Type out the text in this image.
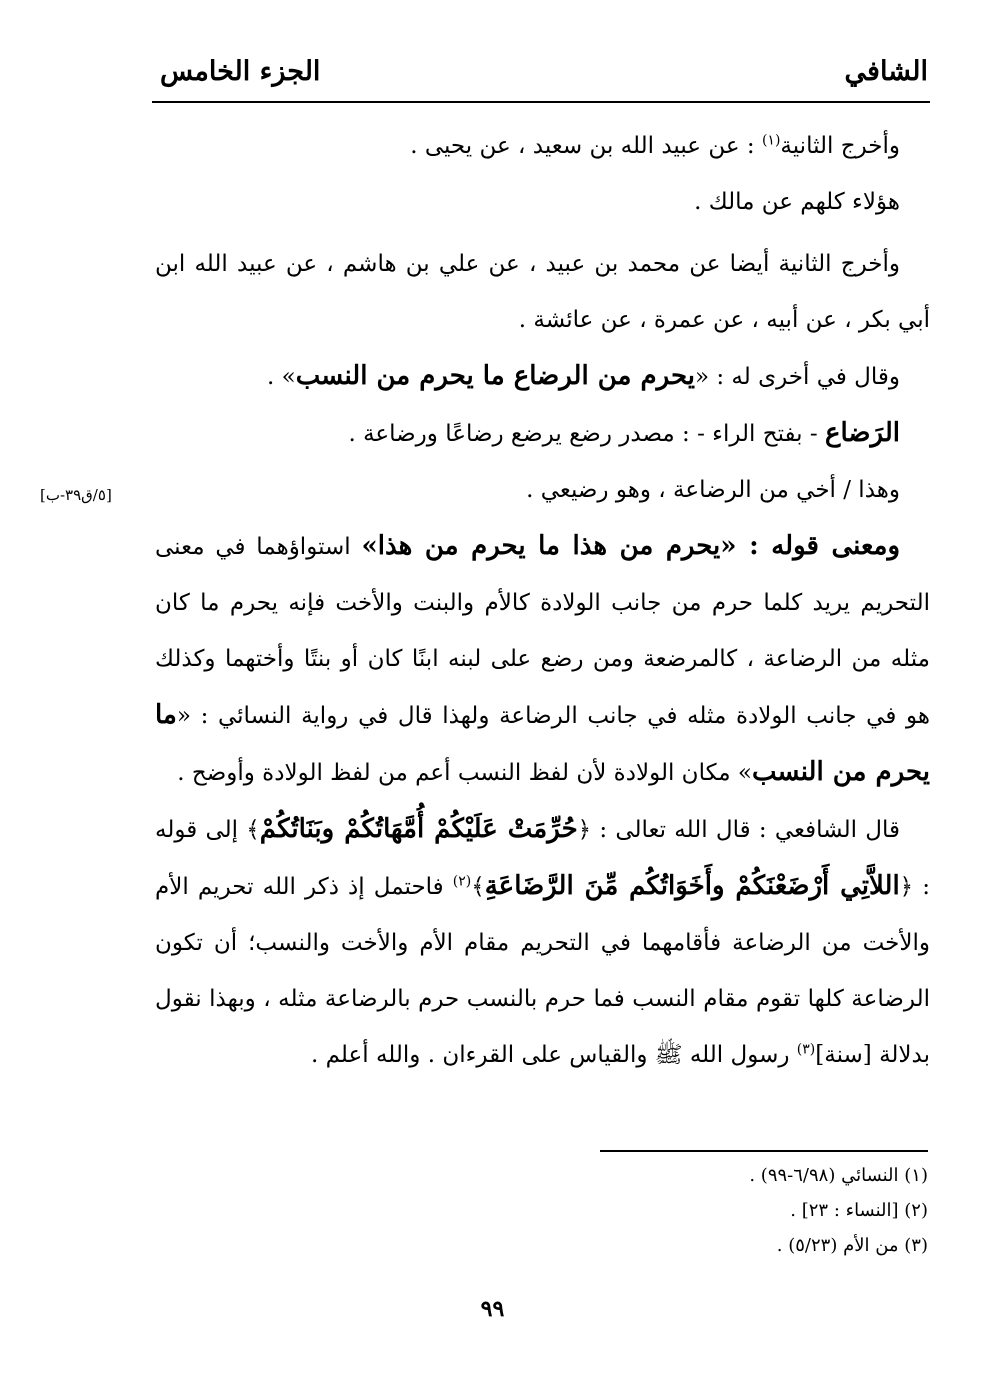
الشافي
الجزء الخامس
[٥/ق٣٩-ب]

وأخرج الثانية$^{(١)}$ : عن عبيد الله بن سعيد ، عن يحيى .

هؤلاء كلهم عن مالك .

وأخرج الثانية أيضا عن محمد بن عبيد ، عن علي بن هاشم ، عن عبيد الله ابن أبي بكر ، عن أبيه ، عن عمرة ، عن عائشة .

وقال في أخرى له : «يحرم من الرضاع ما يحرم من النسب» .

الرَضاع - بفتح الراء - : مصدر رضع يرضع رضاعًا ورضاعة .

وهذا / أخي من الرضاعة ، وهو رضيعي .

ومعنى قوله : «يحرم من هذا ما يحرم من هذا» استواؤهما في معنى التحريم يريد كلما حرم من جانب الولادة كالأم والبنت والأخت فإنه يحرم ما كان مثله من الرضاعة ، كالمرضعة ومن رضع على لبنه ابنًا كان أو بنتًا وأختهما وكذلك هو في جانب الولادة مثله في جانب الرضاعة ولهذا قال في رواية النسائي : «ما يحرم من النسب» مكان الولادة لأن لفظ النسب أعم من لفظ الولادة وأوضح .

قال الشافعي : قال الله تعالى : ﴿حُرِّمَتْ عَلَيْكُمْ أُمَّهَاتُكُمْ وبَنَاتُكُمْ﴾ إلى قوله : ﴿اللاَّتِي أَرْضَعْنَكُمْ وأَخَوَاتُكُم مِّنَ الرَّضَاعَةِ﴾$^{(٢)}$ فاحتمل إذ ذكر الله تحريم الأم والأخت من الرضاعة فأقامهما في التحريم مقام الأم والأخت والنسب؛ أن تكون الرضاعة كلها تقوم مقام النسب فما حرم بالنسب حرم بالرضاعة مثله ، وبهذا نقول بدلالة [سنة]$^{(٣)}$ رسول الله ﷺ والقياس على القرءان . والله أعلم .

(١) النسائي (٦/٩٨-٩٩) .

(٢) [النساء : ٢٣] .

(٣) من الأم (٥/٢٣) .

٩٩
